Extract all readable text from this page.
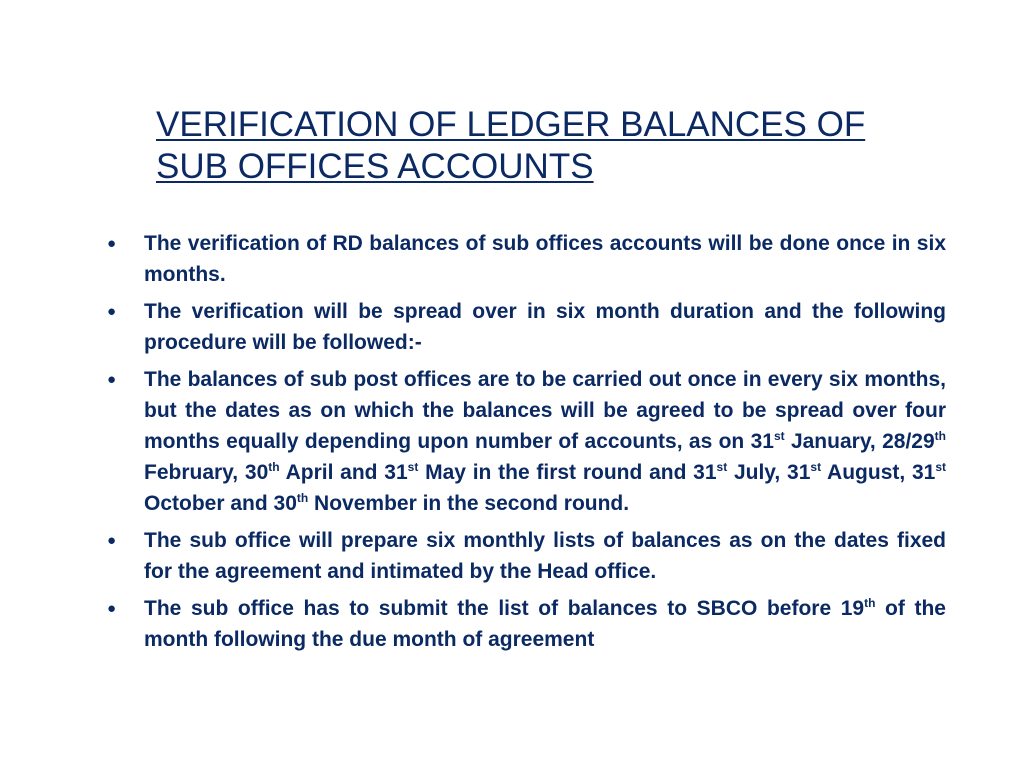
VERIFICATION OF LEDGER BALANCES OF
SUB OFFICES ACCOUNTS
● The verification of RD balances of sub offices accounts will be done once in six months.
● The verification will be spread over in six month duration and the following procedure will be followed:-
● The balances of sub post offices are to be carried out once in every six months, but the dates as on which the balances will be agreed to be spread over four months equally depending upon number of accounts, as on 31st January, 28/29th February, 30th April and 31st May in the first round and 31st July, 31st August, 31st October and 30th November in the second round.
● The sub office will prepare six monthly lists of balances as on the dates fixed for the agreement and intimated by the Head office.
● The sub office has to submit the list of balances to SBCO before 19th of the month following the due month of agreement
